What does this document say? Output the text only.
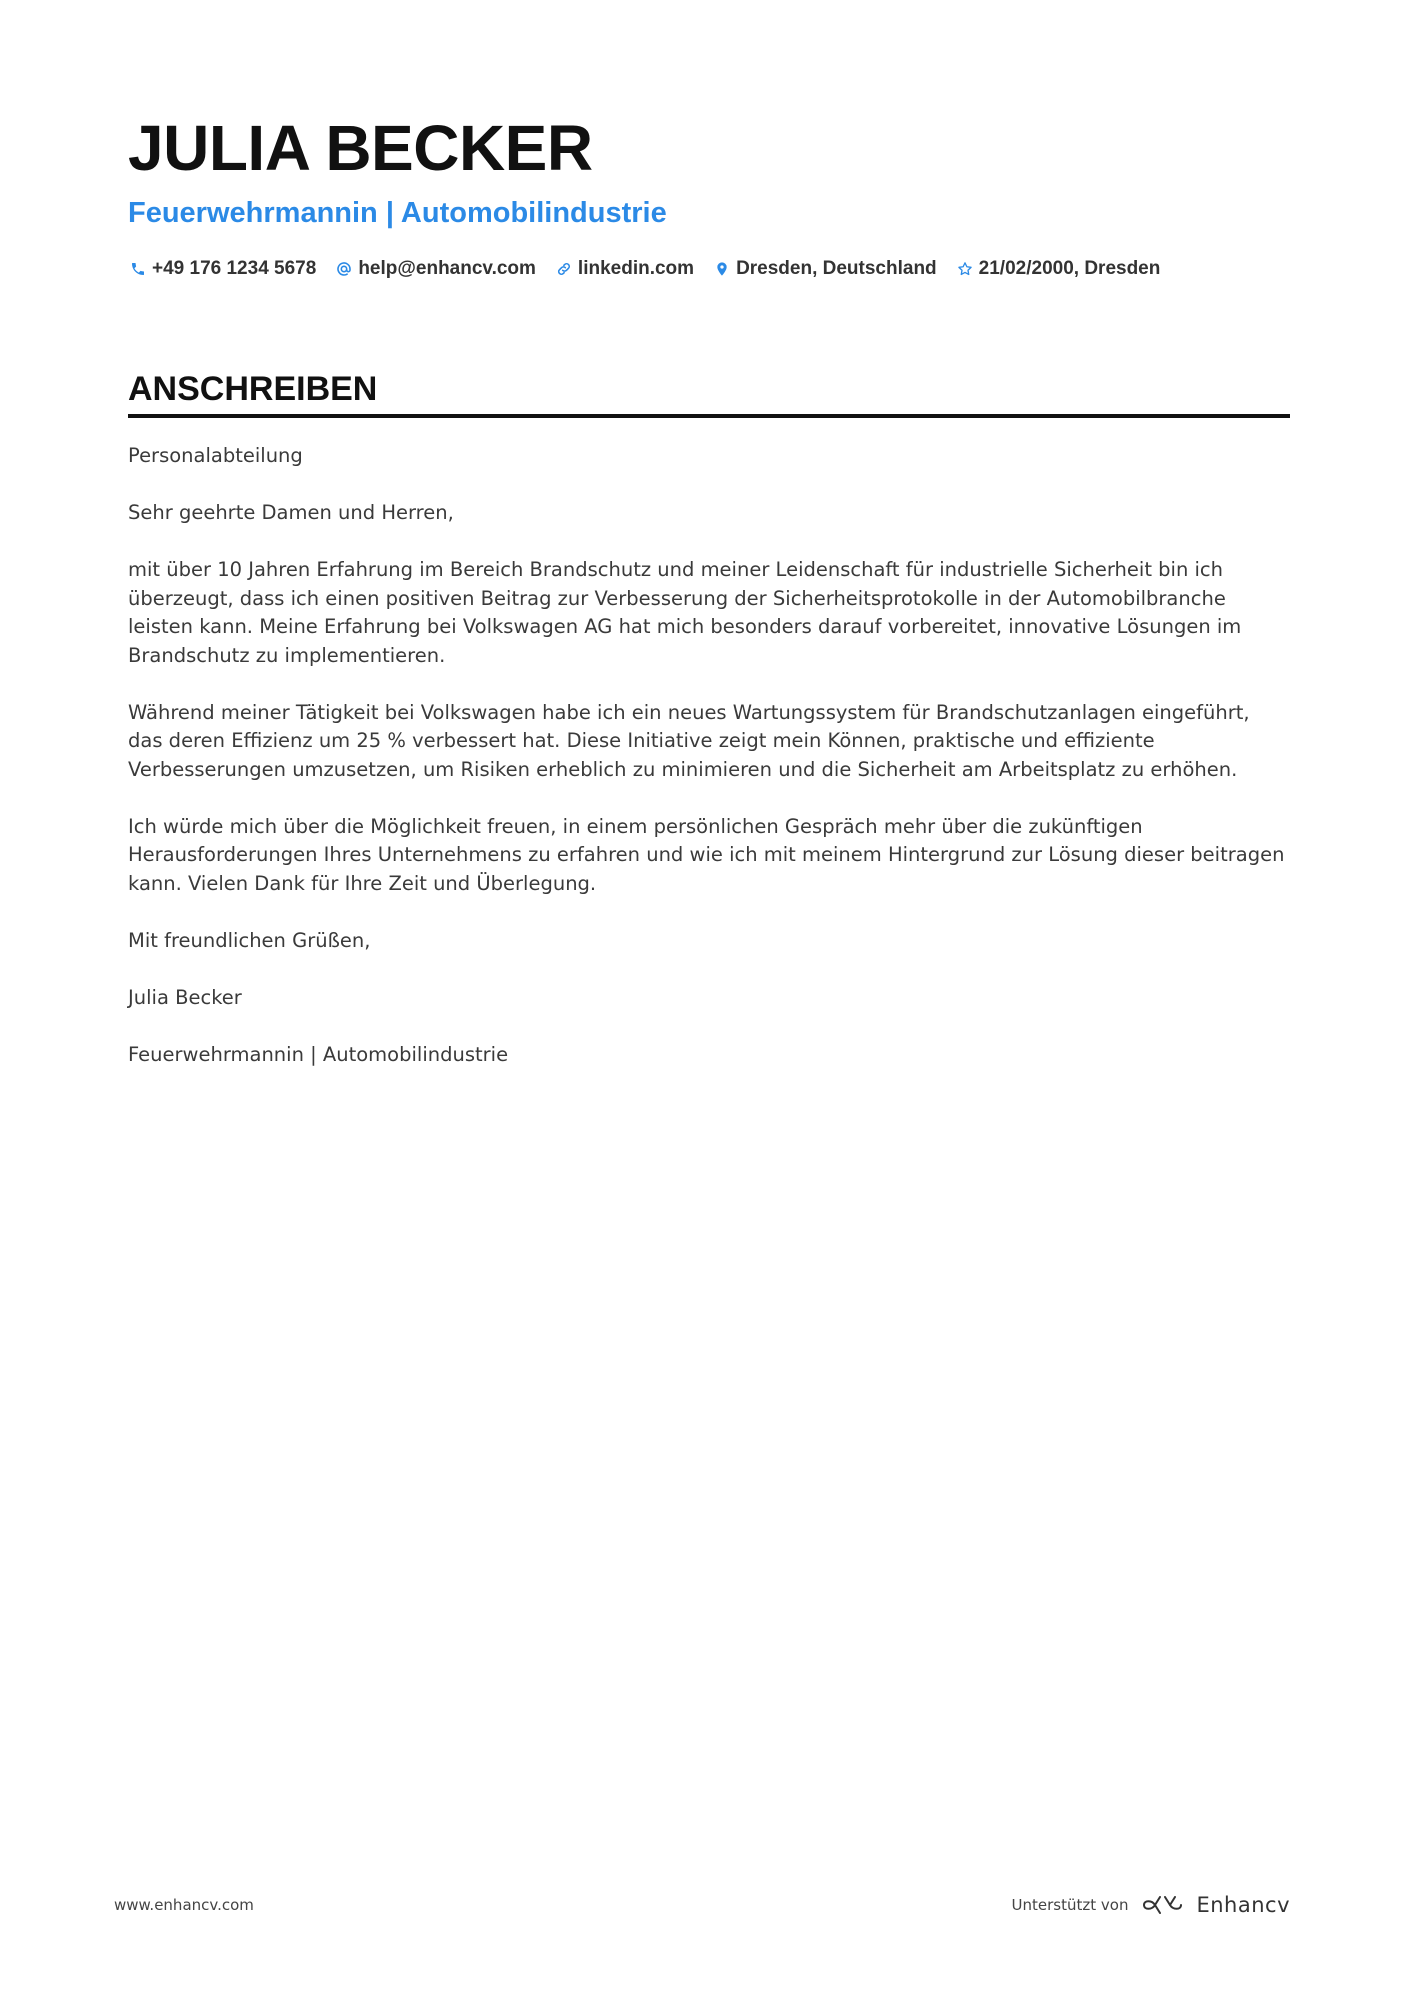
JULIA BECKER
Feuerwehrmannin | Automobilindustrie
+49 176 1234 5678 help@enhancv.com linkedin.com Dresden, Deutschland 21/02/2000, Dresden
ANSCHREIBEN

Personalabteilung

Sehr geehrte Damen und Herren,

mit über 10 Jahren Erfahrung im Bereich Brandschutz und meiner Leidenschaft für industrielle Sicherheit bin ich überzeugt, dass ich einen positiven Beitrag zur Verbesserung der Sicherheitsprotokolle in der Automobilbranche leisten kann. Meine Erfahrung bei Volkswagen AG hat mich besonders darauf vorbereitet, innovative Lösungen im Brandschutz zu implementieren.

Während meiner Tätigkeit bei Volkswagen habe ich ein neues Wartungssystem für Brandschutzanlagen eingeführt, das deren Effizienz um 25 % verbessert hat. Diese Initiative zeigt mein Können, praktische und effiziente Verbesserungen umzusetzen, um Risiken erheblich zu minimieren und die Sicherheit am Arbeitsplatz zu erhöhen.

Ich würde mich über die Möglichkeit freuen, in einem persönlichen Gespräch mehr über die zukünftigen Herausforderungen Ihres Unternehmens zu erfahren und wie ich mit meinem Hintergrund zur Lösung dieser beitragen kann. Vielen Dank für Ihre Zeit und Überlegung.

Mit freundlichen Grüßen,

Julia Becker

Feuerwehrmannin | Automobilindustrie

www.enhancv.com	Unterstützt von	Enhancv
